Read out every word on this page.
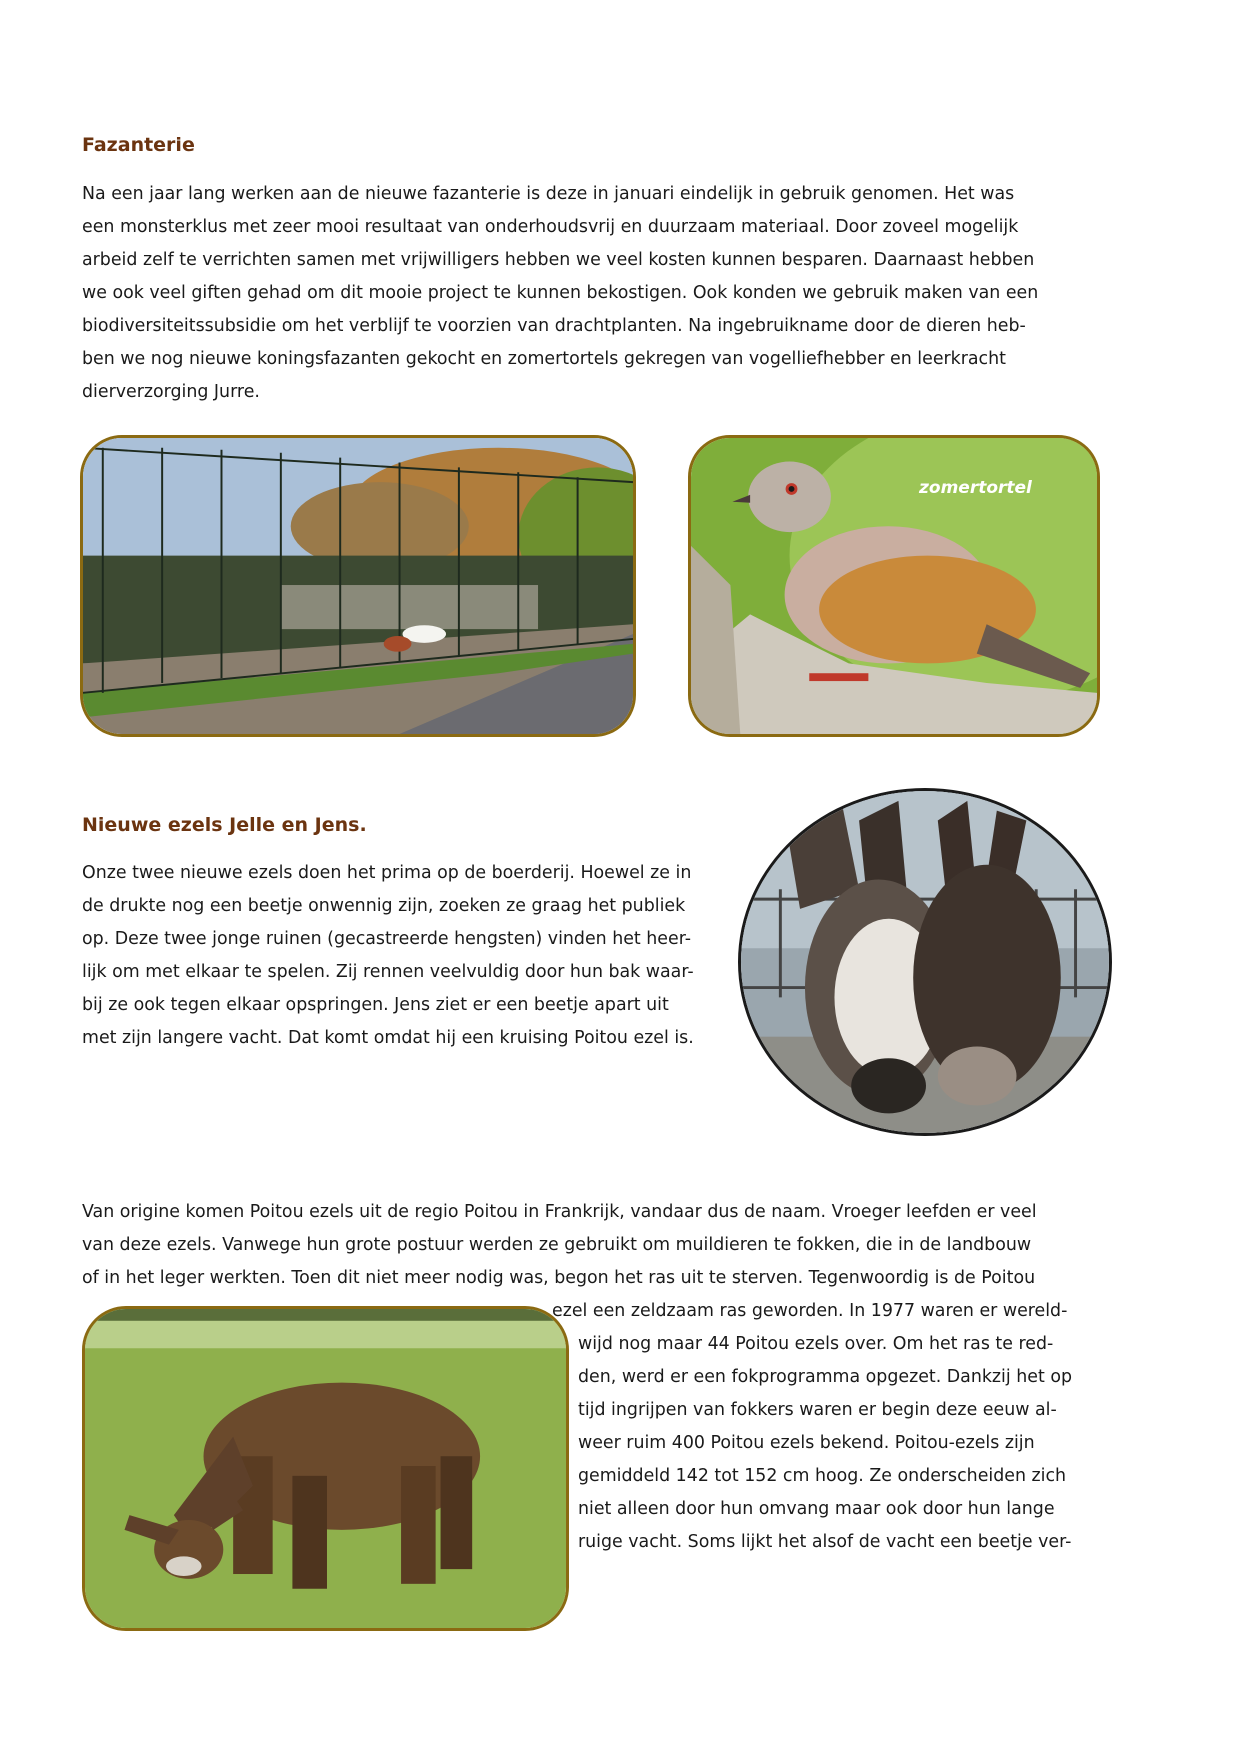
Fazanterie
Na een jaar lang werken aan de nieuwe fazanterie is deze in januari eindelijk in gebruik genomen. Het was
een monsterklus met zeer mooi resultaat van onderhoudsvrij en duurzaam materiaal. Door zoveel mogelijk
arbeid zelf te verrichten samen met vrijwilligers hebben we veel kosten kunnen besparen. Daarnaast hebben
we ook veel giften gehad om dit mooie project te kunnen bekostigen. Ook konden we gebruik maken van een
biodiversiteitssubsidie om het verblijf te voorzien van drachtplanten. Na ingebruikname door de dieren heb-
ben we nog nieuwe koningsfazanten gekocht en zomertortels gekregen van vogelliefhebber en leerkracht
dierverzorging Jurre.
zomertortel
Nieuwe ezels Jelle en Jens.
Onze twee nieuwe ezels doen het prima op de boerderij. Hoewel ze in
de drukte nog een beetje onwennig zijn, zoeken ze graag het publiek
op. Deze twee jonge ruinen (gecastreerde hengsten) vinden het heer-
lijk om met elkaar te spelen. Zij rennen veelvuldig door hun bak waar-
bij ze ook tegen elkaar opspringen. Jens ziet er een beetje apart uit
met zijn langere vacht. Dat komt omdat hij een kruising Poitou ezel is.
Van origine komen Poitou ezels uit de regio Poitou in Frankrijk, vandaar dus de naam. Vroeger leefden er veel
van deze ezels. Vanwege hun grote postuur werden ze gebruikt om muildieren te fokken, die in de landbouw
of in het leger werkten. Toen dit niet meer nodig was, begon het ras uit te sterven. Tegenwoordig is de Poitou
ezel een zeldzaam ras geworden. In 1977 waren er wereld-
wijd nog maar 44 Poitou ezels over. Om het ras te red-
den, werd er een fokprogramma opgezet. Dankzij het op
tijd ingrijpen van fokkers waren er begin deze eeuw al-
weer ruim 400 Poitou ezels bekend. Poitou-ezels zijn
gemiddeld 142 tot 152 cm hoog. Ze onderscheiden zich
niet alleen door hun omvang maar ook door hun lange
ruige vacht. Soms lijkt het alsof de vacht een beetje ver-
